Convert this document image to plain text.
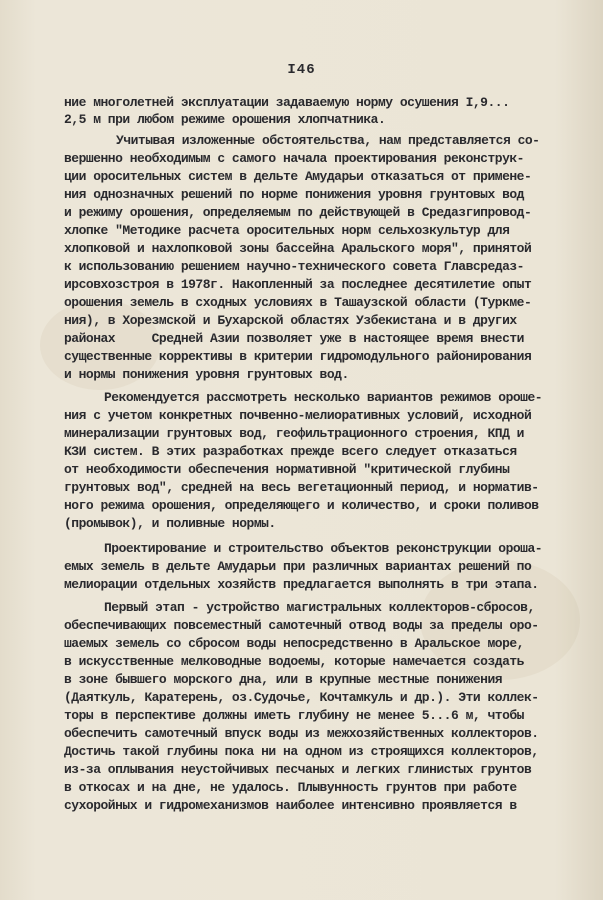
I46
ние многолетней эксплуатации задаваемую норму осушения I,9...
2,5 м при любом режиме орошения хлопчатника.
Учитывая изложенные обстоятельства, нам представляется со-
вершенно необходимым с самого начала проектирования реконструк-
ции оросительных систем в дельте Амударьи отказаться от примене-
ния однозначных решений по норме понижения уровня грунтовых вод
и режиму орошения, определяемым по действующей в Средазгипровод-
хлопке "Методике расчета оросительных норм сельхозкультур для
хлопковой и нахлопковой зоны бассейна Аральского моря", принятой
к использованию решением научно-технического совета Главсредаз-
ирсовхозстроя в 1978г. Накопленный за последнее десятилетие опыт
орошения земель в сходных условиях в Ташаузской области (Туркме-
ния), в Хорезмской и Бухарской областях Узбекистана и в других
районах     Средней Азии позволяет уже в настоящее время внести
существенные коррективы в критерии гидромодульного районирования
и нормы понижения уровня грунтовых вод.
Рекомендуется рассмотреть несколько вариантов режимов ороше-
ния с учетом конкретных почвенно-мелиоративных условий, исходной
минерализации грунтовых вод, геофильтрационного строения, КПД и
КЗИ систем. В этих разработках прежде всего следует отказаться
от необходимости обеспечения нормативной "критической глубины
грунтовых вод", средней на весь вегетационный период, и норматив-
ного режима орошения, определяющего и количество, и сроки поливов
(промывок), и поливные нормы.
Проектирование и строительство объектов реконструкции ороша-
емых земель в дельте Амударьи при различных вариантах решений по
мелиорации отдельных хозяйств предлагается выполнять в три этапа.
Первый этап - устройство магистральных коллекторов-сбросов,
обеспечивающих повсеместный самотечный отвод воды за пределы оро-
шаемых земель со сбросом воды непосредственно в Аральское море,
в искусственные мелководные водоемы, которые намечается создать
в зоне бывшего морского дна, или в крупные местные понижения
(Даяткуль, Каратерень, оз.Судочье, Кочтамкуль и др.). Эти коллек-
торы в перспективе должны иметь глубину не менее 5...6 м, чтобы
обеспечить самотечный впуск воды из межхозяйственных коллекторов.
Достичь такой глубины пока ни на одном из строящихся коллекторов,
из-за оплывания неустойчивых песчаных и легких глинистых грунтов
в откосах и на дне, не удалось. Плывунность грунтов при работе
сухоройных и гидромеханизмов наиболее интенсивно проявляется в
